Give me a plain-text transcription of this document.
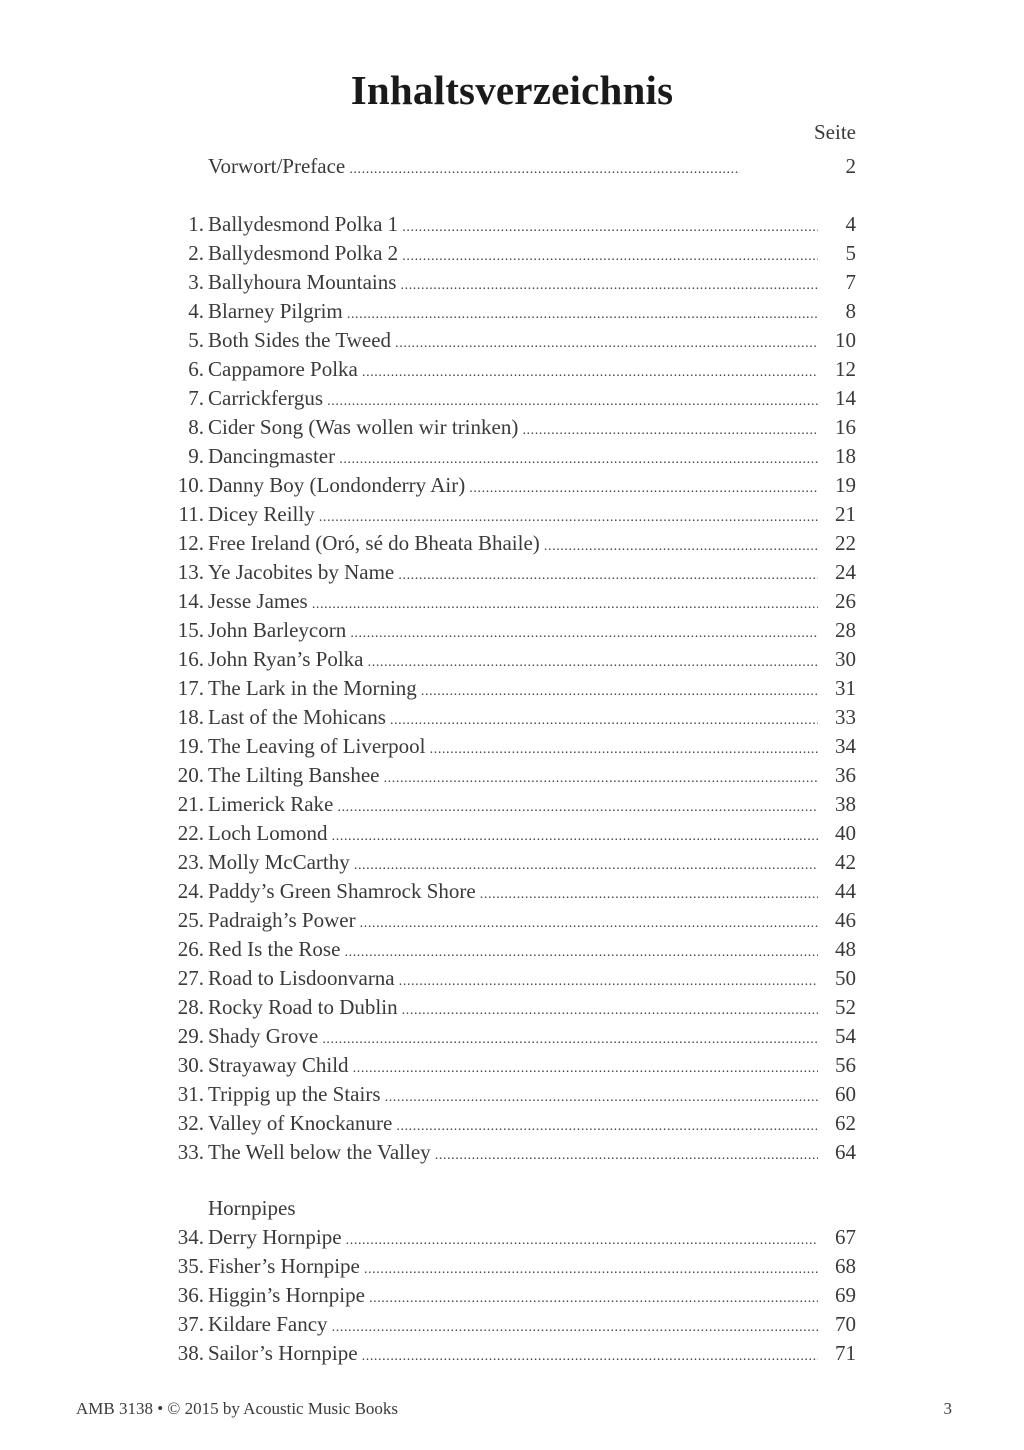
Inhaltsverzeichnis
Seite
Vorwort/Preface .....	2
1. Ballydesmond Polka 1 .....	4
2. Ballydesmond Polka 2 .....	5
3. Ballyhoura Mountains .....	7
4. Blarney Pilgrim .....	8
5. Both Sides the Tweed .....	10
6. Cappamore Polka .....	12
7. Carrickfergus .....	14
8. Cider Song (Was wollen wir trinken) .....	16
9. Dancingmaster .....	18
10. Danny Boy (Londonderry Air) .....	19
11. Dicey Reilly .....	21
12. Free Ireland (Oró, sé do Bheata Bhaile) .....	22
13. Ye Jacobites by Name .....	24
14. Jesse James .....	26
15. John Barleycorn .....	28
16. John Ryan’s Polka .....	30
17. The Lark in the Morning .....	31
18. Last of the Mohicans .....	33
19. The Leaving of Liverpool .....	34
20. The Lilting Banshee .....	36
21. Limerick Rake .....	38
22. Loch Lomond .....	40
23. Molly McCarthy .....	42
24. Paddy’s Green Shamrock Shore .....	44
25. Padraigh’s Power .....	46
26. Red Is the Rose .....	48
27. Road to Lisdoonvarna .....	50
28. Rocky Road to Dublin .....	52
29. Shady Grove .....	54
30. Strayaway Child .....	56
31. Trippig up the Stairs .....	60
32. Valley of Knockanure .....	62
33. The Well below the Valley .....	64
Hornpipes
34. Derry Hornpipe .....	67
35. Fisher’s Hornpipe .....	68
36. Higgin’s Hornpipe .....	69
37. Kildare Fancy .....	70
38. Sailor’s Hornpipe .....	71
AMB 3138 • © 2015 by Acoustic Music Books	3
